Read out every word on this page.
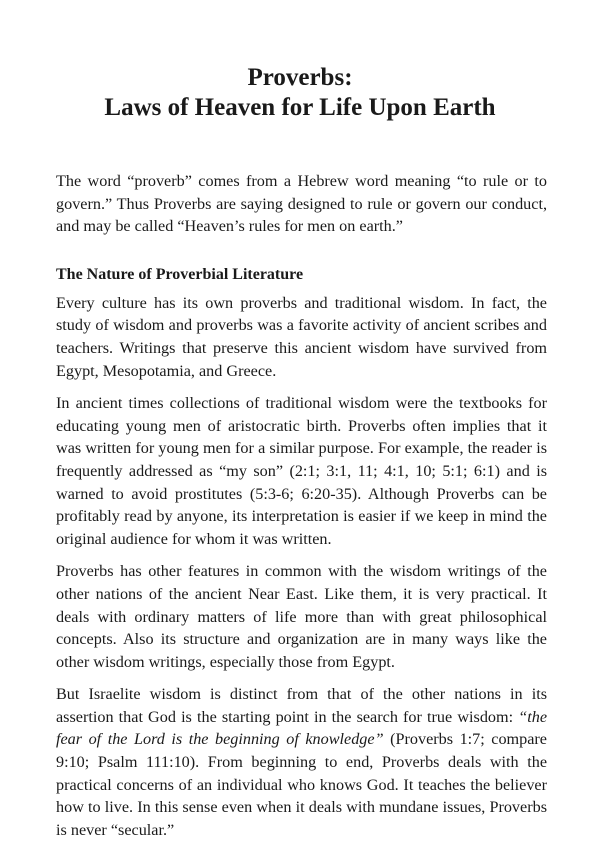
Proverbs:
Laws of Heaven for Life Upon Earth

The word “proverb” comes from a Hebrew word meaning “to rule or to govern.” Thus Proverbs are saying designed to rule or govern our conduct, and may be called “Heaven’s rules for men on earth.”

The Nature of Proverbial Literature

Every culture has its own proverbs and traditional wisdom. In fact, the study of wisdom and proverbs was a favorite activity of ancient scribes and teachers. Writings that preserve this ancient wisdom have survived from Egypt, Mesopotamia, and Greece.

In ancient times collections of traditional wisdom were the textbooks for educating young men of aristocratic birth. Proverbs often implies that it was written for young men for a similar purpose. For example, the reader is frequently addressed as “my son” (2:1; 3:1, 11; 4:1, 10; 5:1; 6:1) and is warned to avoid prostitutes (5:3-6; 6:20-35). Although Proverbs can be profitably read by anyone, its interpretation is easier if we keep in mind the original audience for whom it was written.

Proverbs has other features in common with the wisdom writings of the other nations of the ancient Near East. Like them, it is very practical. It deals with ordinary matters of life more than with great philosophical concepts. Also its structure and organization are in many ways like the other wisdom writings, especially those from Egypt.

But Israelite wisdom is distinct from that of the other nations in its assertion that God is the starting point in the search for true wisdom: “the fear of the Lord is the beginning of knowledge” (Proverbs 1:7; compare 9:10; Psalm 111:10). From beginning to end, Proverbs deals with the practical concerns of an individual who knows God. It teaches the believer how to live. In this sense even when it deals with mundane issues, Proverbs is never “secular.”
